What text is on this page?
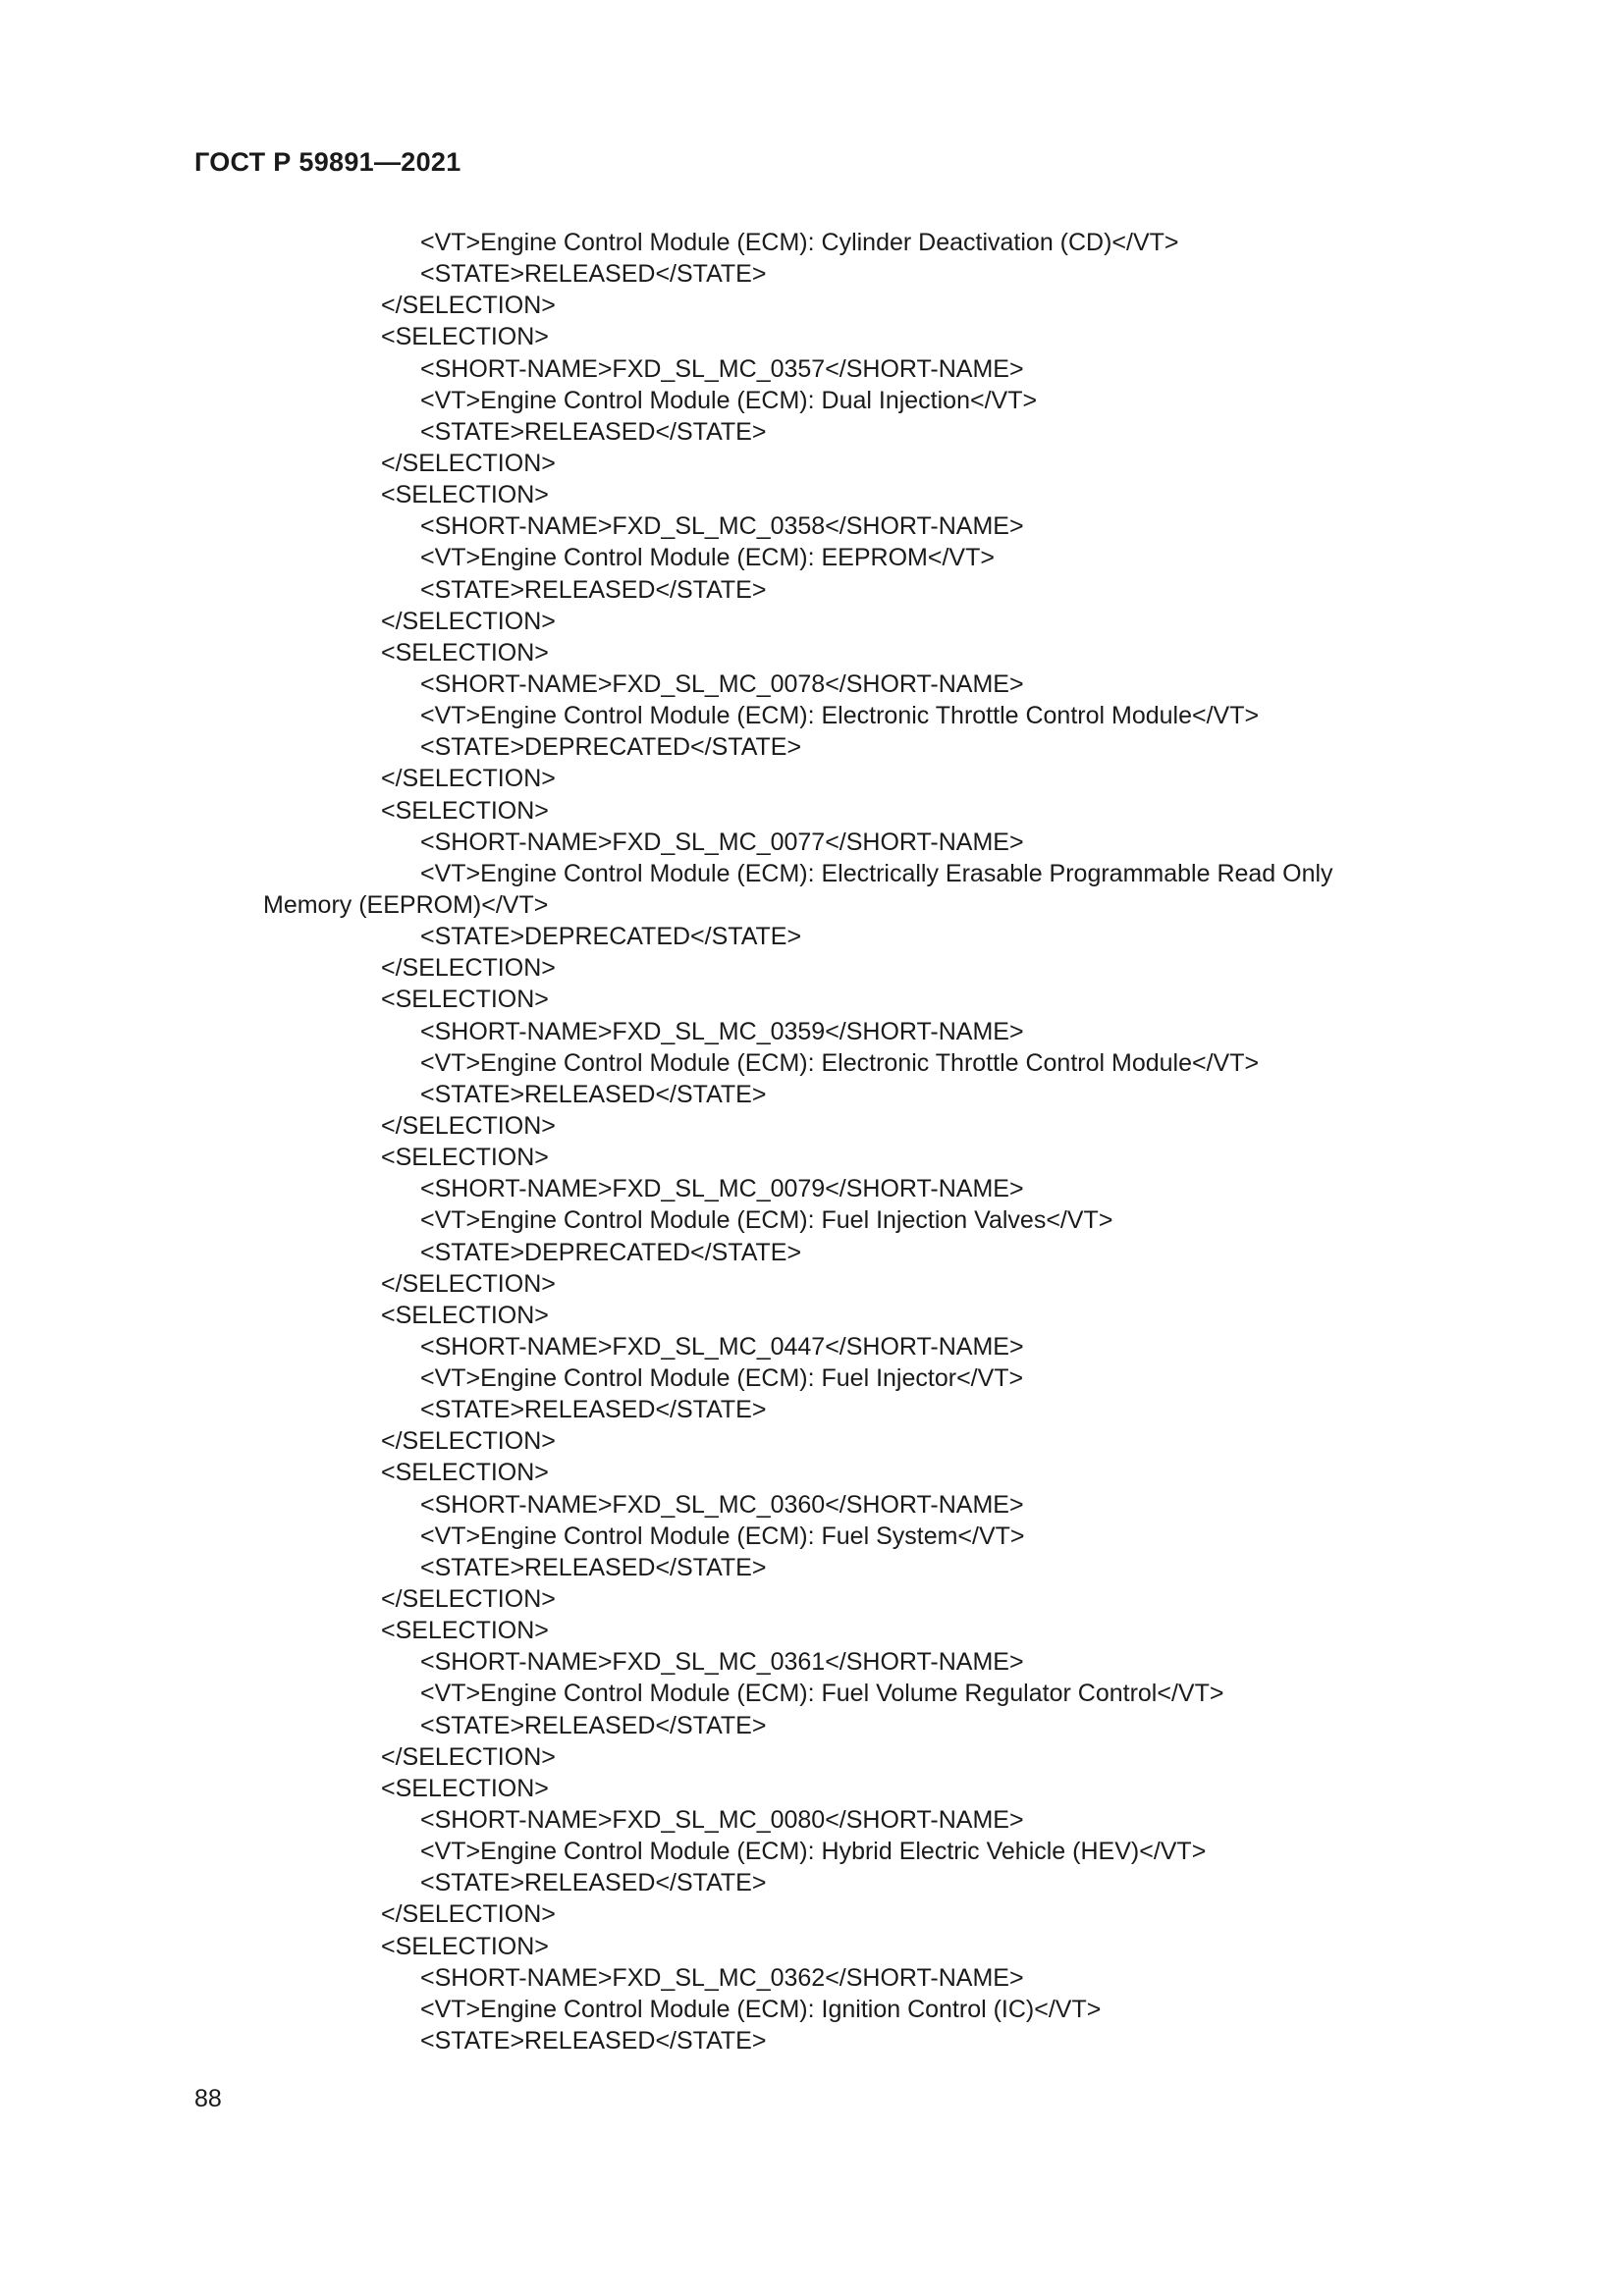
ГОСТ Р 59891—2021
<VT>Engine Control Module (ECM): Cylinder Deactivation (CD)</VT>
<STATE>RELEASED</STATE>
</SELECTION>
<SELECTION>
<SHORT-NAME>FXD_SL_MC_0357</SHORT-NAME>
<VT>Engine Control Module (ECM): Dual Injection</VT>
<STATE>RELEASED</STATE>
</SELECTION>
<SELECTION>
<SHORT-NAME>FXD_SL_MC_0358</SHORT-NAME>
<VT>Engine Control Module (ECM): EEPROM</VT>
<STATE>RELEASED</STATE>
</SELECTION>
<SELECTION>
<SHORT-NAME>FXD_SL_MC_0078</SHORT-NAME>
<VT>Engine Control Module (ECM): Electronic Throttle Control Module</VT>
<STATE>DEPRECATED</STATE>
</SELECTION>
<SELECTION>
<SHORT-NAME>FXD_SL_MC_0077</SHORT-NAME>
<VT>Engine Control Module (ECM): Electrically Erasable Programmable Read Only
Memory (EEPROM)</VT>
<STATE>DEPRECATED</STATE>
</SELECTION>
<SELECTION>
<SHORT-NAME>FXD_SL_MC_0359</SHORT-NAME>
<VT>Engine Control Module (ECM): Electronic Throttle Control Module</VT>
<STATE>RELEASED</STATE>
</SELECTION>
<SELECTION>
<SHORT-NAME>FXD_SL_MC_0079</SHORT-NAME>
<VT>Engine Control Module (ECM): Fuel Injection Valves</VT>
<STATE>DEPRECATED</STATE>
</SELECTION>
<SELECTION>
<SHORT-NAME>FXD_SL_MC_0447</SHORT-NAME>
<VT>Engine Control Module (ECM): Fuel Injector</VT>
<STATE>RELEASED</STATE>
</SELECTION>
<SELECTION>
<SHORT-NAME>FXD_SL_MC_0360</SHORT-NAME>
<VT>Engine Control Module (ECM): Fuel System</VT>
<STATE>RELEASED</STATE>
</SELECTION>
<SELECTION>
<SHORT-NAME>FXD_SL_MC_0361</SHORT-NAME>
<VT>Engine Control Module (ECM): Fuel Volume Regulator Control</VT>
<STATE>RELEASED</STATE>
</SELECTION>
<SELECTION>
<SHORT-NAME>FXD_SL_MC_0080</SHORT-NAME>
<VT>Engine Control Module (ECM): Hybrid Electric Vehicle (HEV)</VT>
<STATE>RELEASED</STATE>
</SELECTION>
<SELECTION>
<SHORT-NAME>FXD_SL_MC_0362</SHORT-NAME>
<VT>Engine Control Module (ECM): Ignition Control (IC)</VT>
<STATE>RELEASED</STATE>
88
